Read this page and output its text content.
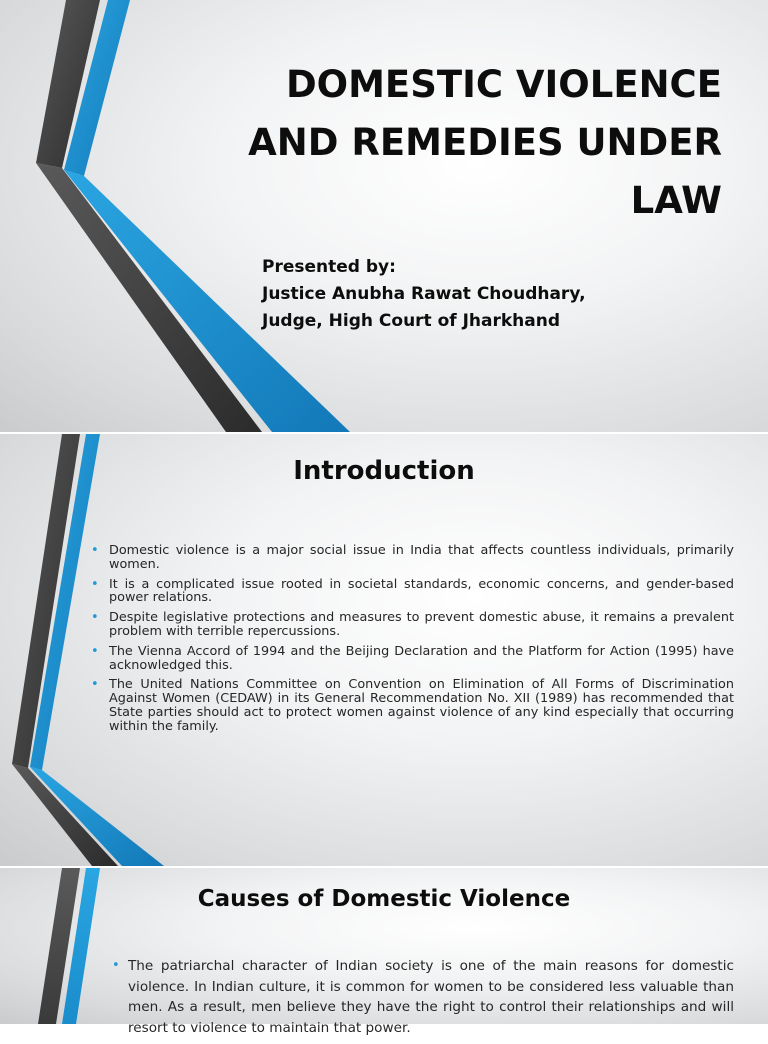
DOMESTIC VIOLENCE
AND REMEDIES UNDER
LAW
Presented by:
Justice Anubha Rawat Choudhary,
Judge, High Court of Jharkhand
Introduction
• Domestic violence is a major social issue in India that affects countless individuals, primarily women.
• It is a complicated issue rooted in societal standards, economic concerns, and gender-based power relations.
• Despite legislative protections and measures to prevent domestic abuse, it remains a prevalent problem with terrible repercussions.
• The Vienna Accord of 1994 and the Beijing Declaration and the Platform for Action (1995) have acknowledged this.
• The United Nations Committee on Convention on Elimination of All Forms of Discrimination Against Women (CEDAW) in its General Recommendation No. XII (1989) has recommended that State parties should act to protect women against violence of any kind especially that occurring within the family.
Causes of Domestic Violence
• The patriarchal character of Indian society is one of the main reasons for domestic violence. In Indian culture, it is common for women to be considered less valuable than men. As a result, men believe they have the right to control their relationships and will resort to violence to maintain that power.
